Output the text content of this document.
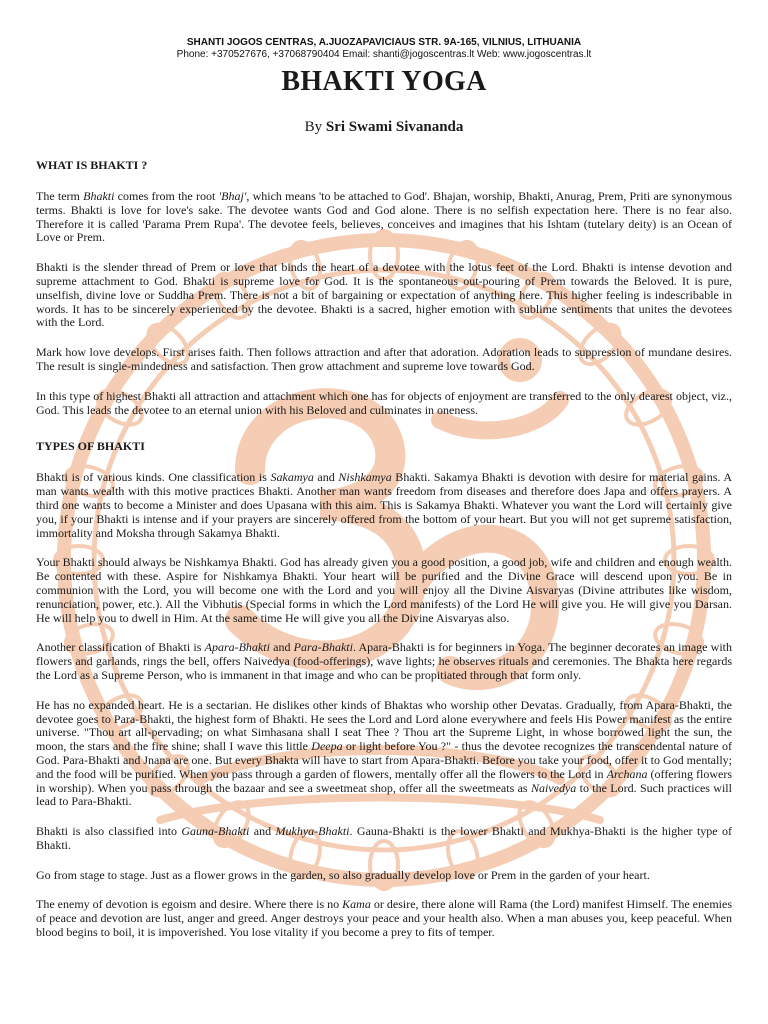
SHANTI JOGOS CENTRAS, A.JUOZAPAVICIAUS STR. 9A-165, VILNIUS, LITHUANIA
Phone: +370527676, +37068790404 Email: shanti@jogoscentras.lt Web: www.jogoscentras.lt
BHAKTI YOGA
By Sri Swami Sivananda
WHAT IS BHAKTI ?

The term Bhakti comes from the root 'Bhaj', which means 'to be attached to God'. Bhajan, worship, Bhakti, Anurag, Prem, Priti are synonymous terms. Bhakti is love for love's sake. The devotee wants God and God alone. There is no selfish expectation here. There is no fear also. Therefore it is called 'Parama Prem Rupa'. The devotee feels, believes, conceives and imagines that his Ishtam (tutelary deity) is an Ocean of Love or Prem.

Bhakti is the slender thread of Prem or love that binds the heart of a devotee with the lotus feet of the Lord. Bhakti is intense devotion and supreme attachment to God. Bhakti is supreme love for God. It is the spontaneous out-pouring of Prem towards the Beloved. It is pure, unselfish, divine love or Suddha Prem. There is not a bit of bargaining or expectation of anything here. This higher feeling is indescribable in words. It has to be sincerely experienced by the devotee. Bhakti is a sacred, higher emotion with sublime sentiments that unites the devotees with the Lord.

Mark how love develops. First arises faith. Then follows attraction and after that adoration. Adoration leads to suppression of mundane desires. The result is single-mindedness and satisfaction. Then grow attachment and supreme love towards God.

In this type of highest Bhakti all attraction and attachment which one has for objects of enjoyment are transferred to the only dearest object, viz., God. This leads the devotee to an eternal union with his Beloved and culminates in oneness.

TYPES OF BHAKTI

Bhakti is of various kinds. One classification is Sakamya and Nishkamya Bhakti. Sakamya Bhakti is devotion with desire for material gains. A man wants wealth with this motive practices Bhakti. Another man wants freedom from diseases and therefore does Japa and offers prayers. A third one wants to become a Minister and does Upasana with this aim. This is Sakamya Bhakti. Whatever you want the Lord will certainly give you, if your Bhakti is intense and if your prayers are sincerely offered from the bottom of your heart. But you will not get supreme satisfaction, immortality and Moksha through Sakamya Bhakti.

Your Bhakti should always be Nishkamya Bhakti. God has already given you a good position, a good job, wife and children and enough wealth. Be contented with these. Aspire for Nishkamya Bhakti. Your heart will be purified and the Divine Grace will descend upon you. Be in communion with the Lord, you will become one with the Lord and you will enjoy all the Divine Aisvaryas (Divine attributes like wisdom, renunciation, power, etc.). All the Vibhutis (Special forms in which the Lord manifests) of the Lord He will give you. He will give you Darsan. He will help you to dwell in Him. At the same time He will give you all the Divine Aisvaryas also.

Another classification of Bhakti is Apara-Bhakti and Para-Bhakti. Apara-Bhakti is for beginners in Yoga. The beginner decorates an image with flowers and garlands, rings the bell, offers Naivedya (food-offerings), wave lights; he observes rituals and ceremonies. The Bhakta here regards the Lord as a Supreme Person, who is immanent in that image and who can be propitiated through that form only.

He has no expanded heart. He is a sectarian. He dislikes other kinds of Bhaktas who worship other Devatas. Gradually, from Apara-Bhakti, the devotee goes to Para-Bhakti, the highest form of Bhakti. He sees the Lord and Lord alone everywhere and feels His Power manifest as the entire universe. "Thou art all-pervading; on what Simhasana shall I seat Thee ? Thou art the Supreme Light, in whose borrowed light the sun, the moon, the stars and the fire shine; shall I wave this little Deepa or light before You ?" - thus the devotee recognizes the transcendental nature of God. Para-Bhakti and Jnana are one. But every Bhakta will have to start from Apara-Bhakti. Before you take your food, offer it to God mentally; and the food will be purified. When you pass through a garden of flowers, mentally offer all the flowers to the Lord in Archana (offering flowers in worship). When you pass through the bazaar and see a sweetmeat shop, offer all the sweetmeats as Naivedya to the Lord. Such practices will lead to Para-Bhakti.

Bhakti is also classified into Gauna-Bhakti and Mukhya-Bhakti. Gauna-Bhakti is the lower Bhakti and Mukhya-Bhakti is the higher type of Bhakti.

Go from stage to stage. Just as a flower grows in the garden, so also gradually develop love or Prem in the garden of your heart.

The enemy of devotion is egoism and desire. Where there is no Kama or desire, there alone will Rama (the Lord) manifest Himself. The enemies of peace and devotion are lust, anger and greed. Anger destroys your peace and your health also. When a man abuses you, keep peaceful. When blood begins to boil, it is impoverished. You lose vitality if you become a prey to fits of temper.
